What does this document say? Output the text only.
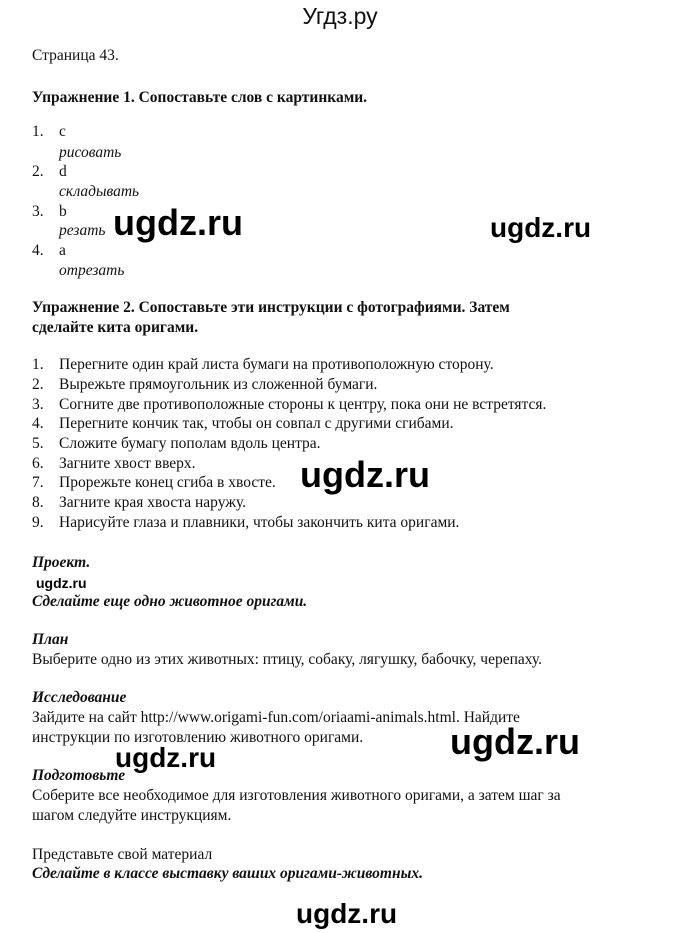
Угдз.ру
Страница 43.
Упражнение 1. Сопоставьте слов с картинками.
1. c
рисовать
2. d
складывать
3. b
резать
4. a
отрезать
Упражнение 2. Сопоставьте эти инструкции с фотографиями. Затем
сделайте кита оригами.
1. Перегните один край листа бумаги на противоположную сторону.
2. Вырежьте прямоугольник из сложенной бумаги.
3. Согните две противоположные стороны к центру, пока они не встретятся.
4. Перегните кончик так, чтобы он совпал с другими сгибами.
5. Сложите бумагу пополам вдоль центра.
6. Загните хвост вверх.
7. Прорежьте конец сгиба в хвосте.
8. Загните края хвоста наружу.
9. Нарисуйте глаза и плавники, чтобы закончить кита оригами.
Проект.
Сделайте еще одно животное оригами.
План
Выберите одно из этих животных: птицу, собаку, лягушку, бабочку, черепаху.
Исследование
Зайдите на сайт http://www.origami-fun.com/oriaami-animals.html. Найдите
инструкции по изготовлению животного оригами.
Подготовьте
Соберите все необходимое для изготовления животного оригами, а затем шаг за
шагом следуйте инструкциям.
Представьте свой материал
Сделайте в классе выставку ваших оригами-животных.
ugdz.ru	ugdz.ru
ugdz.ru
ugdz.ru
ugdz.ru
ugdz.ru
ugdz.ru
